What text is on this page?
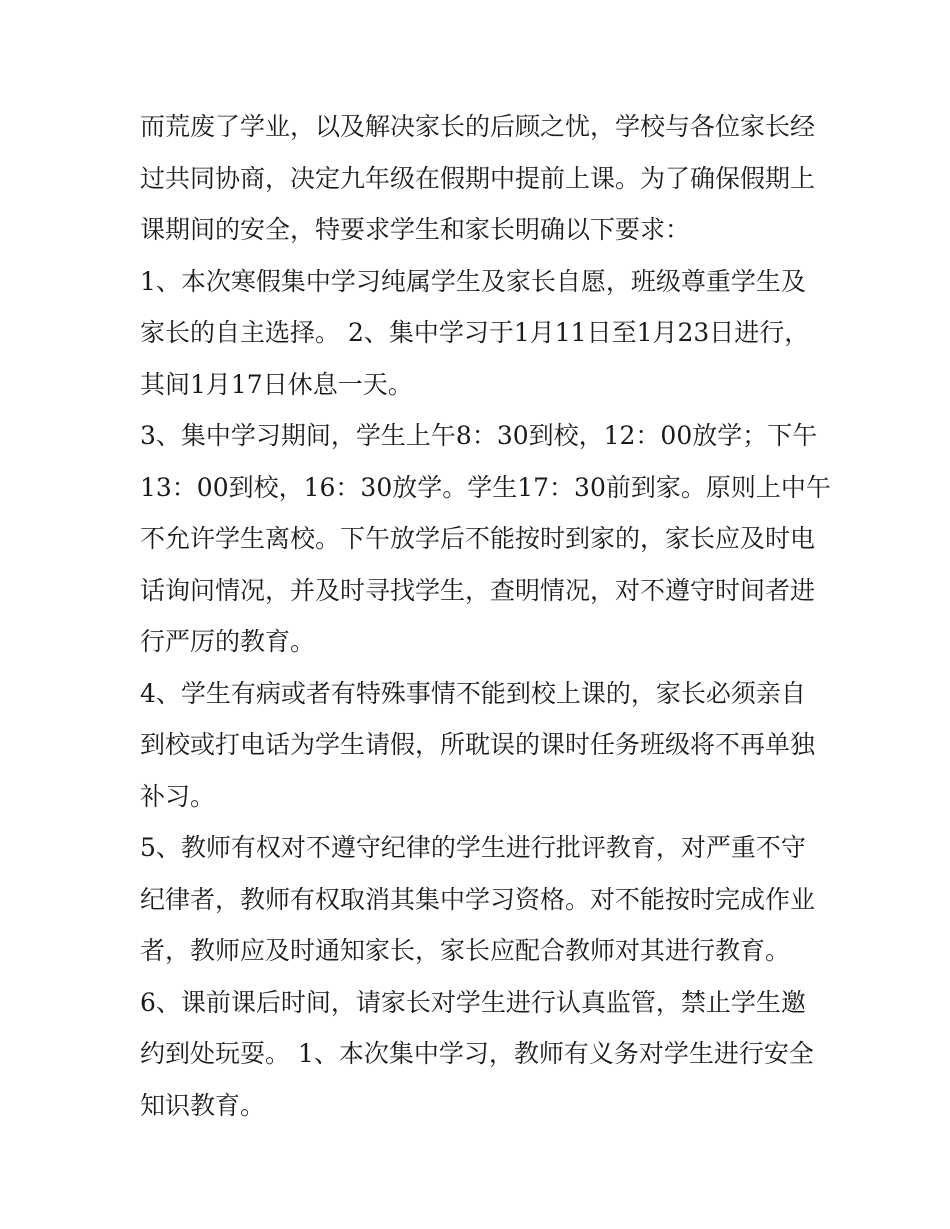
而荒废了学业，以及解决家长的后顾之忧，学校与各位家长经
过共同协商，决定九年级在假期中提前上课。为了确保假期上
课期间的安全，特要求学生和家长明确以下要求：
1、本次寒假集中学习纯属学生及家长自愿，班级尊重学生及
家长的自主选择。 2、集中学习于1月11日至1月23日进行，
其间1月17日休息一天。
3、集中学习期间，学生上午8：30到校，12：00放学；下午
13：00到校，16：30放学。学生17：30前到家。原则上中午
不允许学生离校。下午放学后不能按时到家的，家长应及时电
话询问情况，并及时寻找学生，查明情况，对不遵守时间者进
行严厉的教育。
4、学生有病或者有特殊事情不能到校上课的，家长必须亲自
到校或打电话为学生请假，所耽误的课时任务班级将不再单独
补习。
5、教师有权对不遵守纪律的学生进行批评教育，对严重不守
纪律者，教师有权取消其集中学习资格。对不能按时完成作业
者，教师应及时通知家长，家长应配合教师对其进行教育。
6、课前课后时间，请家长对学生进行认真监管，禁止学生邀
约到处玩耍。 1、本次集中学习，教师有义务对学生进行安全
知识教育。
